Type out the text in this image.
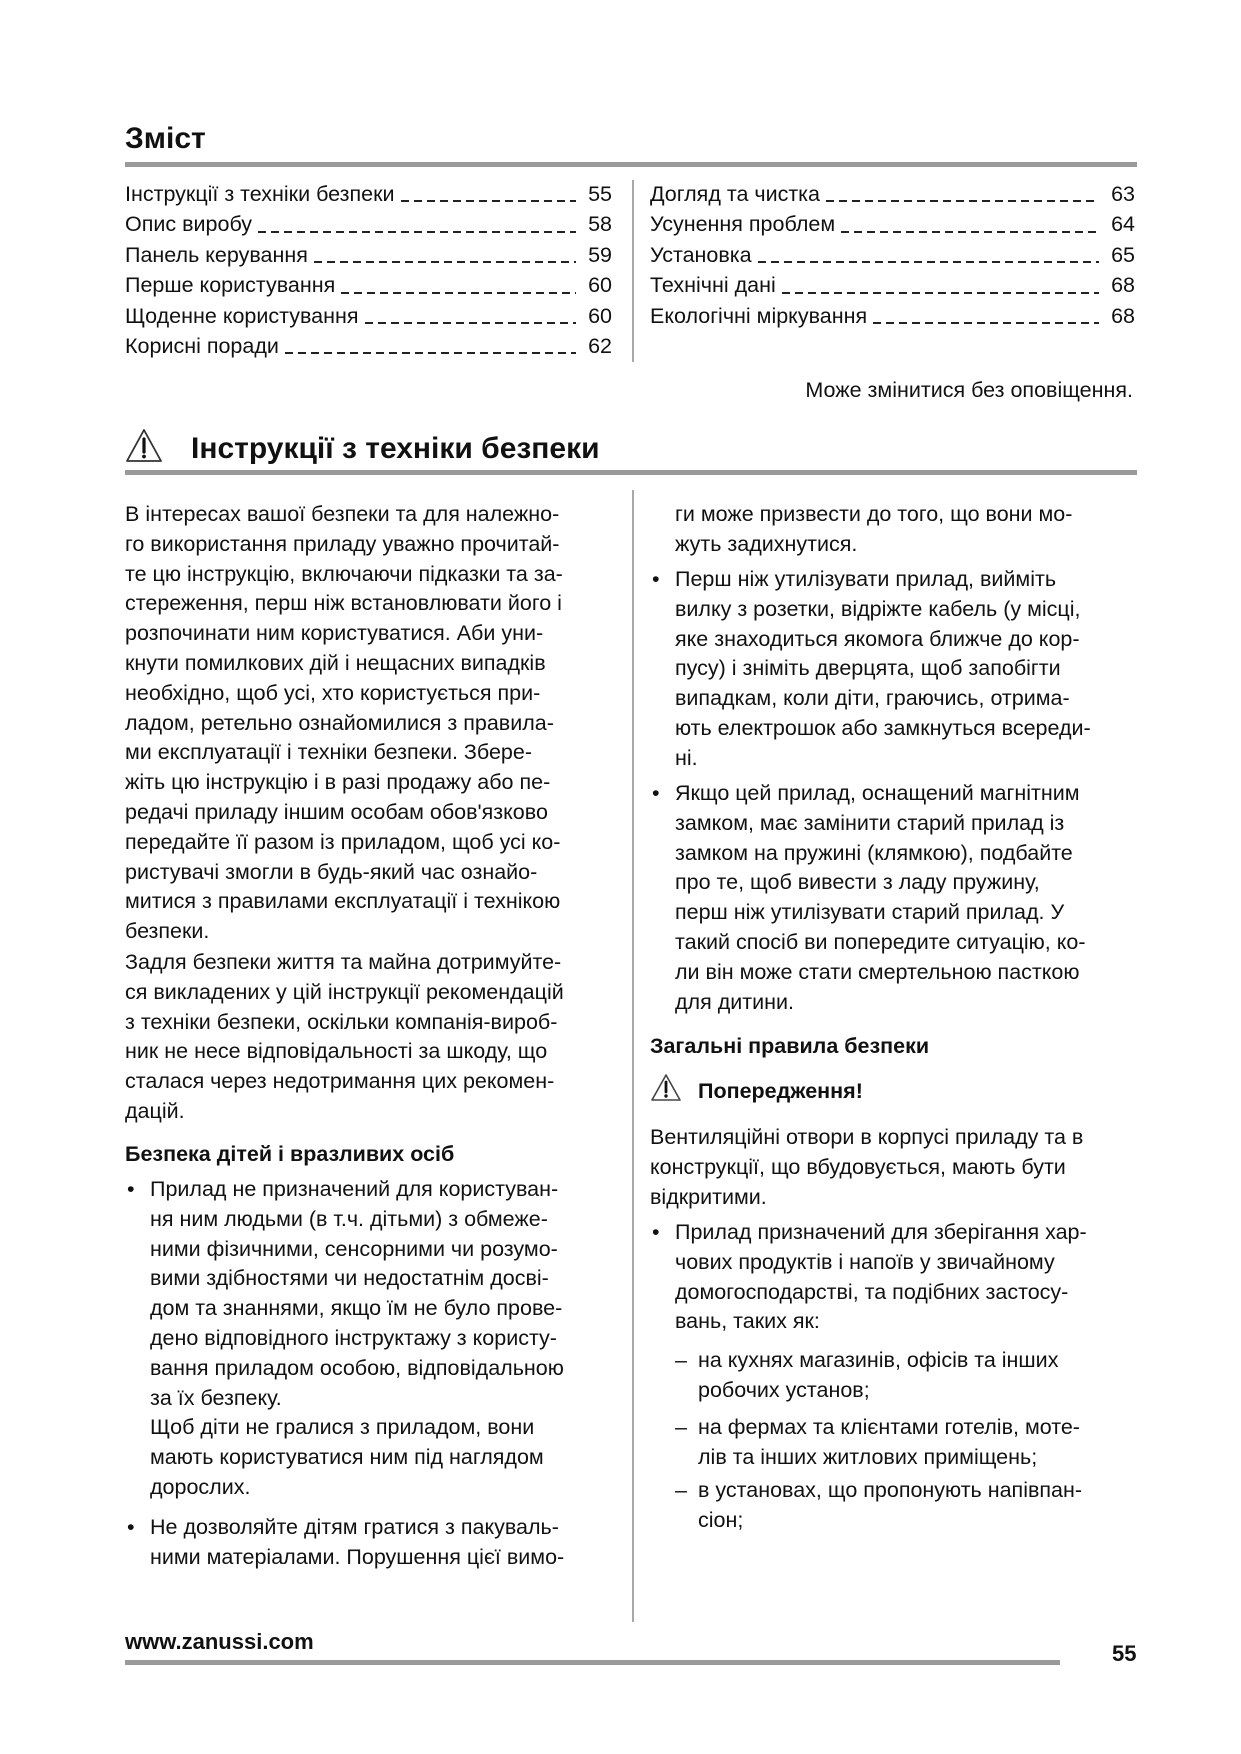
Зміст
Інструкції з техніки безпеки	55
Опис виробу	58
Панель керування	59
Перше користування	60
Щоденне користування	60
Корисні поради	62
Догляд та чистка	63
Усунення проблем	64
Установка	65
Технічні дані	68
Екологічні міркування	68
Може змінитися без оповіщення.
Інструкції з техніки безпеки
В інтересах вашої безпеки та для належно-
го використання приладу уважно прочитай-
те цю інструкцію, включаючи підказки та за-
стереження, перш ніж встановлювати його і
розпочинати ним користуватися. Аби уни-
кнути помилкових дій і нещасних випадків
необхідно, щоб усі, хто користується при-
ладом, ретельно ознайомилися з правила-
ми експлуатації і техніки безпеки. Збере-
жіть цю інструкцію і в разі продажу або пе-
редачі приладу іншим особам обов'язково
передайте її разом із приладом, щоб усі ко-
ристувачі змогли в будь-який час ознайо-
митися з правилами експлуатації і технікою
безпеки.
Задля безпеки життя та майна дотримуйте-
ся викладених у цій інструкції рекомендацій
з техніки безпеки, оскільки компанія-вироб-
ник не несе відповідальності за шкоду, що
сталася через недотримання цих рекомен-
дацій.
Безпека дітей і вразливих осіб
• Прилад не призначений для користуван-
ня ним людьми (в т.ч. дітьми) з обмеже-
ними фізичними, сенсорними чи розумо-
вими здібностями чи недостатнім досві-
дом та знаннями, якщо їм не було прове-
дено відповідного інструктажу з користу-
вання приладом особою, відповідальною
за їх безпеку.
Щоб діти не гралися з приладом, вони
мають користуватися ним під наглядом
дорослих.
• Не дозволяйте дітям гратися з пакуваль-
ними матеріалами. Порушення цієї вимо-
ги може призвести до того, що вони мо-
жуть задихнутися.
• Перш ніж утилізувати прилад, вийміть
вилку з розетки, відріжте кабель (у місці,
яке знаходиться якомога ближче до кор-
пусу) і зніміть дверцята, щоб запобігти
випадкам, коли діти, граючись, отрима-
ють електрошок або замкнуться всереди-
ні.
• Якщо цей прилад, оснащений магнітним
замком, має замінити старий прилад із
замком на пружині (клямкою), подбайте
про те, щоб вивести з ладу пружину,
перш ніж утилізувати старий прилад. У
такий спосіб ви попередите ситуацію, ко-
ли він може стати смертельною пасткою
для дитини.
Загальні правила безпеки
Попередження!
Вентиляційні отвори в корпусі приладу та в
конструкції, що вбудовується, мають бути
відкритими.
• Прилад призначений для зберігання хар-
чових продуктів і напоїв у звичайному
домогосподарстві, та подібних застосу-
вань, таких як:
– на кухнях магазинів, офісів та інших
робочих установ;
– на фермах та клієнтами готелів, моте-
лів та інших житлових приміщень;
– в установах, що пропонують напівпан-
сіон;
www.zanussi.com	55
